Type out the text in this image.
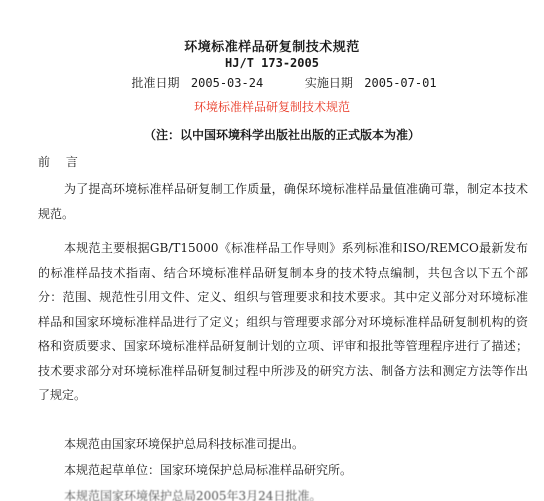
环境标准样品研复制技术规范
HJ/T 173-2005
批准日期 2005-03-24	实施日期 2005-07-01
环境标准样品研复制技术规范
（注：以中国环境科学出版社出版的正式版本为准）
前 言

为了提高环境标准样品研复制工作质量，确保环境标准样品量值准确可靠，制定本技术规范。

本规范主要根据GB/T15000《标准样品工作导则》系列标准和ISO/REMCO最新发布的标准样品技术指南、结合环境标准样品研复制本身的技术特点编制，共包含以下五个部分：范围、规范性引用文件、定义、组织与管理要求和技术要求。其中定义部分对环境标准样品和国家环境标准样品进行了定义；组织与管理要求部分对环境标准样品研复制机构的资格和资质要求、国家环境标准样品研复制计划的立项、评审和报批等管理程序进行了描述；技术要求部分对环境标准样品研复制过程中所涉及的研究方法、制备方法和测定方法等作出了规定。

本规范由国家环境保护总局科技标准司提出。

本规范起草单位：国家环境保护总局标准样品研究所。

本规范国家环境保护总局2005年3月24日批准。
